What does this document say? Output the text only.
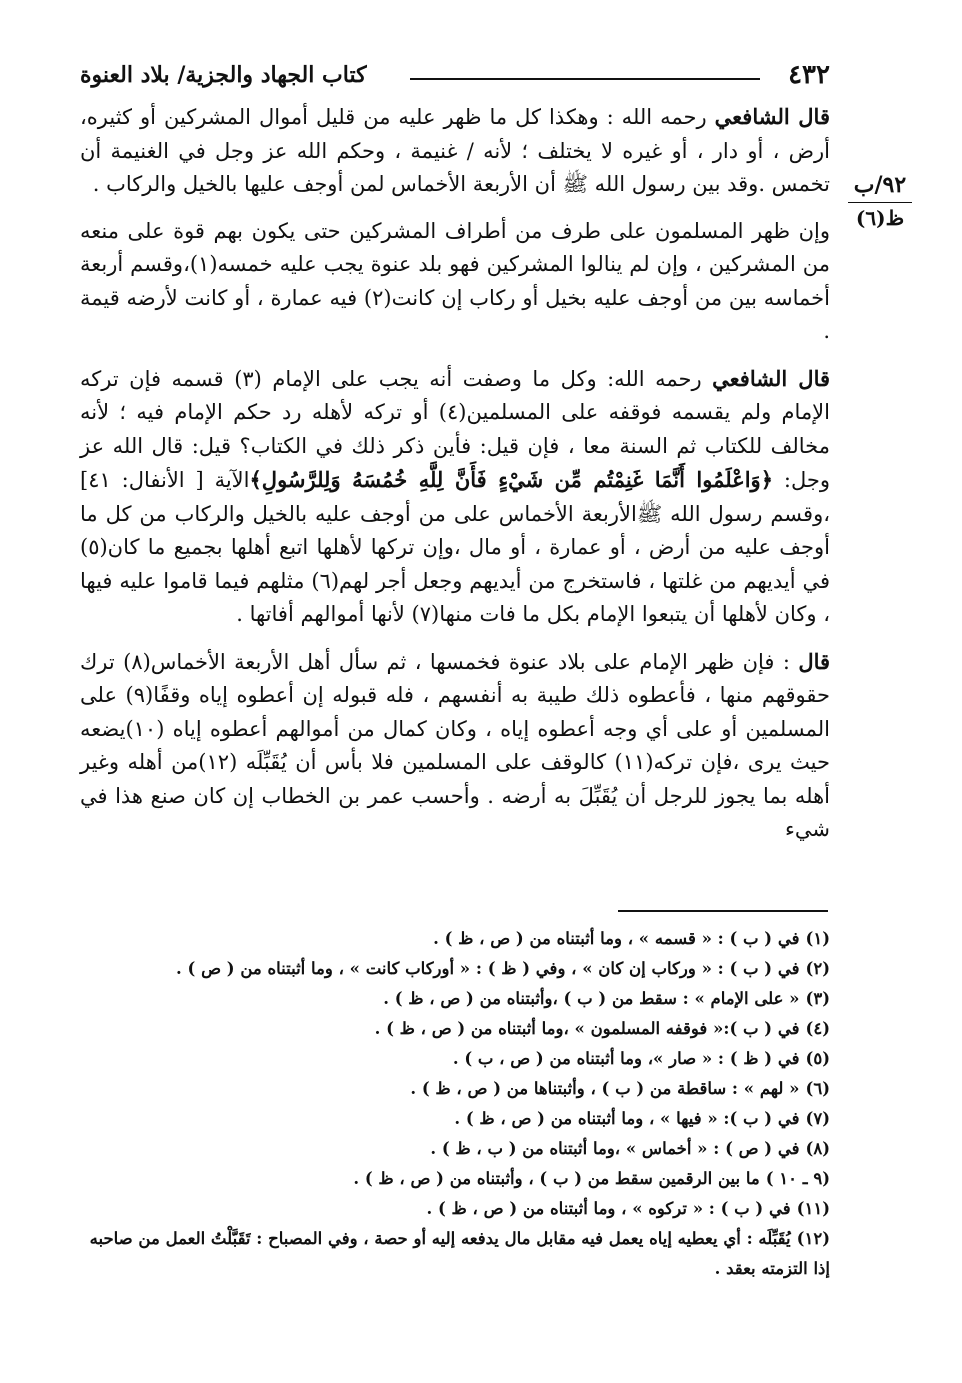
٤٣٢
كتاب الجهاد والجزية/ بلاد العنوة
٩٢/ب
ظ(٦)

قال الشافعي رحمه الله : وهكذا كل ما ظهر عليه من قليل أموال المشركين أو كثيره، أرض ، أو دار ، أو غيره لا يختلف ؛ لأنه / غنيمة ، وحكم الله عز وجل في الغنيمة أن تخمس .وقد بين رسول الله ﷺ أن الأربعة الأخماس لمن أوجف عليها بالخيل والركاب .

وإن ظهر المسلمون على طرف من أطراف المشركين حتى يكون بهم قوة على منعه من المشركين ، وإن لم ينالوا المشركين فهو بلد عنوة يجب عليه خمسه(١)،وقسم أربعة أخماسه بين من أوجف عليه بخيل أو ركاب إن كانت(٢) فيه عمارة ، أو كانت لأرضه قيمة .

قال الشافعي رحمه الله: وكل ما وصفت أنه يجب على الإمام (٣) قسمه فإن تركه الإمام ولم يقسمه فوقفه على المسلمين(٤) أو تركه لأهله رد حكم الإمام فيه ؛ لأنه مخالف للكتاب ثم السنة معا ، فإن قيل: فأين ذكر ذلك في الكتاب؟ قيل: قال الله عز وجل: ﴿وَاعْلَمُوا أَنَّمَا غَنِمْتُم مِّن شَيْءٍ فَأَنَّ لِلَّهِ خُمُسَهُ وَلِلرَّسُولِ﴾الآية [ الأنفال: ٤١] ،وقسم رسول الله ﷺالأربعة الأخماس على من أوجف عليه بالخيل والركاب من كل ما أوجف عليه من أرض ، أو عمارة ، أو مال ،وإن تركها لأهلها اتبع أهلها بجميع ما كان(٥) في أيديهم من غلتها ، فاستخرج من أيديهم وجعل أجر لهم(٦) مثلهم فيما قاموا عليه فيها ، وكان لأهلها أن يتبعوا الإمام بكل ما فات منها(٧) لأنها أموالهم أفاتها .

قال : فإن ظهر الإمام على بلاد عنوة فخمسها ، ثم سأل أهل الأربعة الأخماس(٨) ترك حقوقهم منها ، فأعطوه ذلك طيبة به أنفسهم ، فله قبوله إن أعطوه إياه وقفًا(٩) على المسلمين أو على أي وجه أعطوه إياه ، وكان كمال من أموالهم أعطوه إياه (١٠)يضعه حيث يرى ،فإن تركه(١١) كالوقف على المسلمين فلا بأس أن يُقَبِّلَه (١٢)من أهله وغير أهله بما يجوز للرجل أن يُقَبِّلَ به أرضه . وأحسب عمر بن الخطاب إن كان صنع هذا في شيء

(١)في ( ب ) : « قسمه » ، وما أثبتناه من ( ص ، ظ ) .

(٢)في ( ب ) : « وركاب إن كان » ، وفي ( ظ ) : « أوركاب كانت » ، وما أثبتناه من ( ص ) .

(٣)« على الإمام » : سقط من ( ب ) ،وأثبتناه من ( ص ، ظ ) .

(٤)في ( ب ):« فوقفه المسلمون » ،وما أثبتناه من ( ص ، ظ ) .

(٥)في ( ظ ) : « صار »، وما أثبتناه من ( ص ، ب ) .

(٦)« لهم » : ساقطة من ( ب ) ، وأثبتناها من ( ص ، ظ ) .

(٧)في ( ب ): « فيها » ، وما أثبتناه من ( ص ، ظ ) .

(٨)في ( ص ) : « أخماس » ،وما أثبتناه من ( ب ، ظ ) .

(٩ ـ ١٠ )ما بين الرقمين سقط من ( ب ) ، وأثبتناه من ( ص ، ظ ) .

(١١)في ( ب ) : « تركوه » ، وما أثبتناه من ( ص ، ظ ) .

(١٢)يُقَبِّلَه : أي يعطيه إياه يعمل فيه مقابل مال يدفعه إليه أو حصة ، وفي المصباح : تَقَبَّلْتُ العمل من صاحبه إذا التزمته بعقد .
